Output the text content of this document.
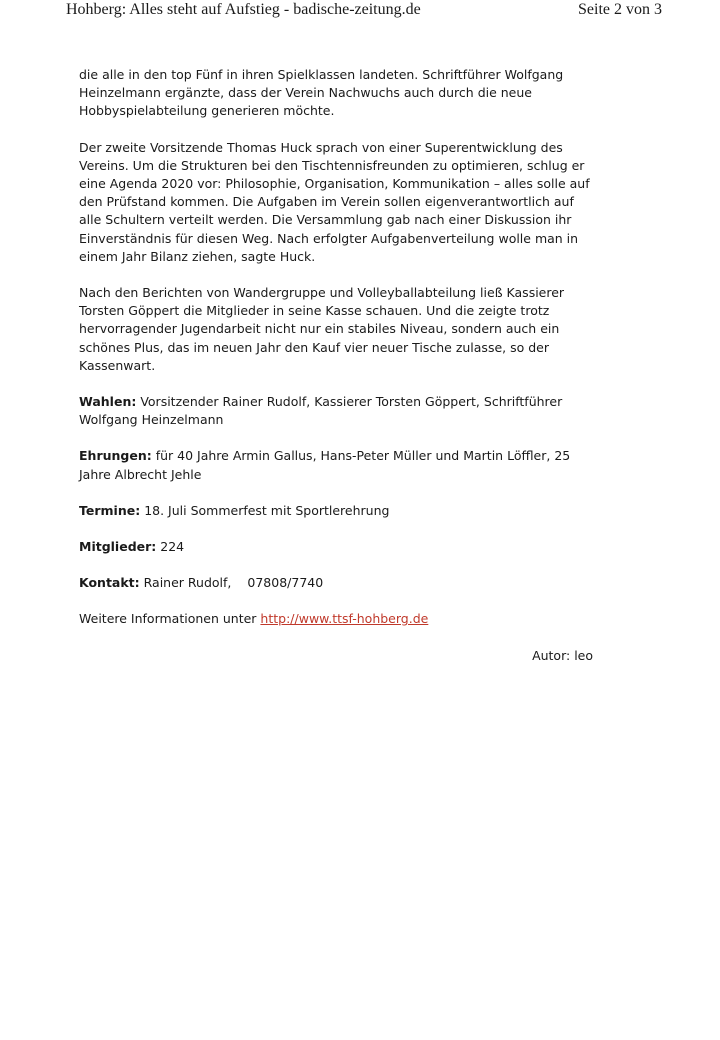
Hohberg: Alles steht auf Aufstieg - badische-zeitung.de	Seite 2 von 3

die alle in den top Fünf in ihren Spielklassen landeten. Schriftführer Wolfgang Heinzelmann ergänzte, dass der Verein Nachwuchs auch durch die neue Hobbyspielabteilung generieren möchte.

Der zweite Vorsitzende Thomas Huck sprach von einer Superentwicklung des Vereins. Um die Strukturen bei den Tischtennisfreunden zu optimieren, schlug er eine Agenda 2020 vor: Philosophie, Organisation, Kommunikation – alles solle auf den Prüfstand kommen. Die Aufgaben im Verein sollen eigenverantwortlich auf alle Schultern verteilt werden. Die Versammlung gab nach einer Diskussion ihr Einverständnis für diesen Weg. Nach erfolgter Aufgabenverteilung wolle man in einem Jahr Bilanz ziehen, sagte Huck.

Nach den Berichten von Wandergruppe und Volleyballabteilung ließ Kassierer Torsten Göppert die Mitglieder in seine Kasse schauen. Und die zeigte trotz hervorragender Jugendarbeit nicht nur ein stabiles Niveau, sondern auch ein schönes Plus, das im neuen Jahr den Kauf vier neuer Tische zulasse, so der Kassenwart.

Wahlen: Vorsitzender Rainer Rudolf, Kassierer Torsten Göppert, Schriftführer Wolfgang Heinzelmann

Ehrungen: für 40 Jahre Armin Gallus, Hans-Peter Müller und Martin Löffler, 25 Jahre Albrecht Jehle

Termine: 18. Juli Sommerfest mit Sportlerehrung

Mitglieder: 224

Kontakt: Rainer Rudolf, 07808/7740

Weitere Informationen unter http://www.ttsf-hohberg.de

Autor: leo
